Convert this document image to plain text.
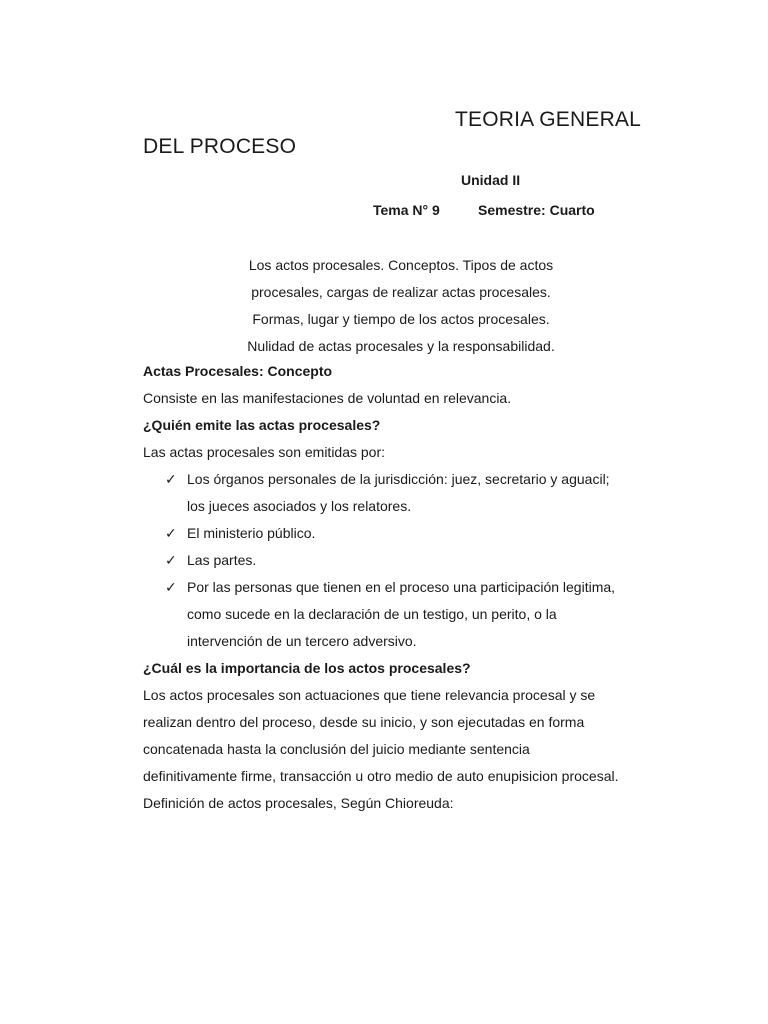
TEORIA GENERAL
DEL PROCESO
Unidad II
Tema N° 9	Semestre: Cuarto
Los actos procesales. Conceptos. Tipos de actos
procesales, cargas de realizar actas procesales.
Formas, lugar y tiempo de los actos procesales.
Nulidad de actas procesales y la responsabilidad.
Actas Procesales: Concepto
Consiste en las manifestaciones de voluntad en relevancia.
¿Quién emite las actas procesales?
Las actas procesales son emitidas por:
✓ Los órganos personales de la jurisdicción: juez, secretario y aguacil;
los jueces asociados y los relatores.
✓ El ministerio público.
✓ Las partes.
✓ Por las personas que tienen en el proceso una participación legitima,
como sucede en la declaración de un testigo, un perito, o la
intervención de un tercero adversivo.
¿Cuál es la importancia de los actos procesales?
Los actos procesales son actuaciones que tiene relevancia procesal y se
realizan dentro del proceso, desde su inicio, y son ejecutadas en forma
concatenada hasta la conclusión del juicio mediante sentencia
definitivamente firme, transacción u otro medio de auto enupisicion procesal.
Definición de actos procesales, Según Chioreuda:
